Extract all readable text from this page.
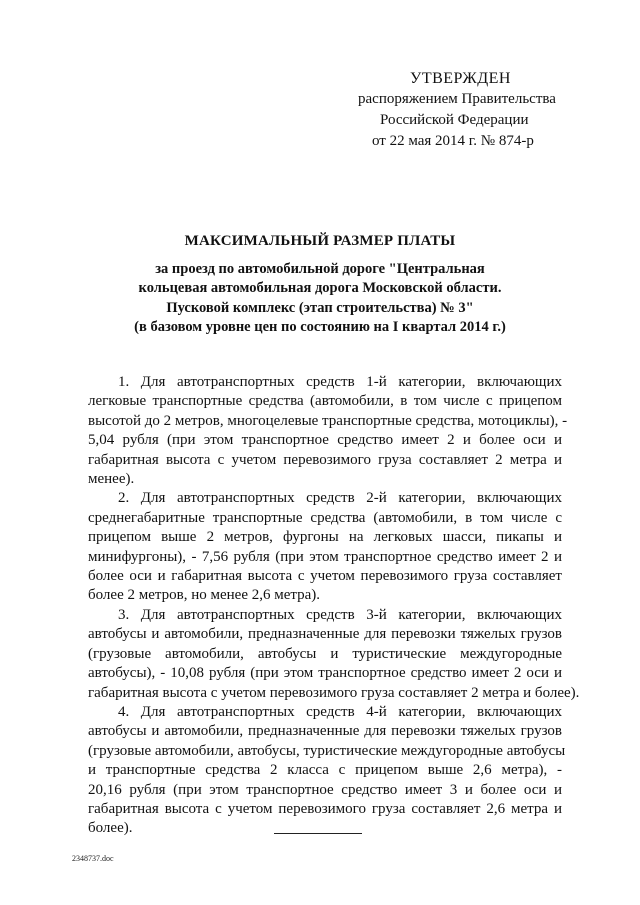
УТВЕРЖДЕН
распоряжением Правительства
Российской Федерации
от 22 мая 2014 г. № 874-р
МАКСИМАЛЬНЫЙ РАЗМЕР ПЛАТЫ
за проезд по автомобильной дороге "Центральная
кольцевая автомобильная дорога Московской области.
Пусковой комплекс (этап строительства) № 3"
(в базовом уровне цен по состоянию на I квартал 2014 г.)
1. Для автотранспортных средств 1-й категории, включающих
легковые транспортные средства (автомобили, в том числе с прицепом
высотой до 2 метров, многоцелевые транспортные средства, мотоциклы), -
5,04 рубля (при этом транспортное средство имеет 2 и более оси и
габаритная высота с учетом перевозимого груза составляет 2 метра и
менее).
2. Для автотранспортных средств 2-й категории, включающих
среднегабаритные транспортные средства (автомобили, в том числе с
прицепом выше 2 метров, фургоны на легковых шасси, пикапы и
минифургоны), - 7,56 рубля (при этом транспортное средство имеет 2 и
более оси и габаритная высота с учетом перевозимого груза составляет
более 2 метров, но менее 2,6 метра).
3. Для автотранспортных средств 3-й категории, включающих
автобусы и автомобили, предназначенные для перевозки тяжелых грузов
(грузовые автомобили, автобусы и туристические междугородные
автобусы), - 10,08 рубля (при этом транспортное средство имеет 2 оси и
габаритная высота с учетом перевозимого груза составляет 2 метра и более).
4. Для автотранспортных средств 4-й категории, включающих
автобусы и автомобили, предназначенные для перевозки тяжелых грузов
(грузовые автомобили, автобусы, туристические междугородные автобусы
и транспортные средства 2 класса с прицепом выше 2,6 метра), -
20,16 рубля (при этом транспортное средство имеет 3 и более оси и
габаритная высота с учетом перевозимого груза составляет 2,6 метра и
более).
2348737.doc
